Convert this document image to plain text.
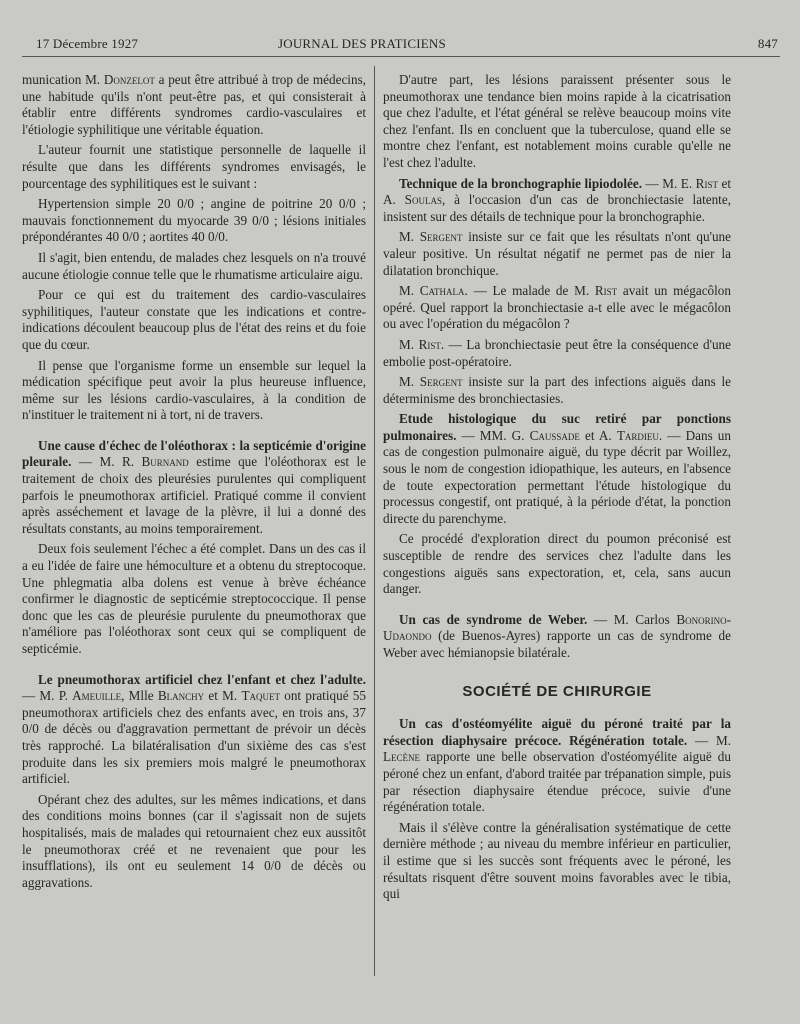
17 Décembre 1927	JOURNAL DES PRATICIENS	847

munication M. Donzelot a peut être attribué à trop de médecins, une habitude qu'ils n'ont peut-être pas, et qui consisterait à établir entre différents syndromes cardio-vasculaires et l'étiologie syphilitique une véritable équation.

L'auteur fournit une statistique personnelle de laquelle il résulte que dans les différents syndromes envisagés, le pourcentage des syphilitiques est le suivant :

Hypertension simple 20 0/0 ; angine de poitrine 20 0/0 ; mauvais fonctionnement du myocarde 39 0/0 ; lésions initiales prépondérantes 40 0/0 ; aortites 40 0/0.

Il s'agit, bien entendu, de malades chez lesquels on n'a trouvé aucune étiologie connue telle que le rhumatisme articulaire aigu.

Pour ce qui est du traitement des cardio-vasculaires syphilitiques, l'auteur constate que les indications et contre-indications découlent beaucoup plus de l'état des reins et du foie que du cœur.

Il pense que l'organisme forme un ensemble sur lequel la médication spécifique peut avoir la plus heureuse influence, même sur les lésions cardio-vasculaires, à la condition de n'instituer le traitement ni à tort, ni de travers.

Une cause d'échec de l'oléothorax : la septicémie d'origine pleurale. — M. R. Burnand estime que l'oléothorax est le traitement de choix des pleurésies purulentes qui compliquent parfois le pneumothorax artificiel. Pratiqué comme il convient après asséchement et lavage de la plèvre, il lui a donné des résultats constants, au moins temporairement.

Deux fois seulement l'échec a été complet. Dans un des cas il a eu l'idée de faire une hémoculture et a obtenu du streptocoque. Une phlegmatia alba dolens est venue à brève échéance confirmer le diagnostic de septicémie streptococcique. Il pense donc que les cas de pleurésie purulente du pneumothorax que n'améliore pas l'oléothorax sont ceux qui se compliquent de septicémie.

Le pneumothorax artificiel chez l'enfant et chez l'adulte. — M. P. Ameuille, Mlle Blanchy et M. Taquet ont pratiqué 55 pneumothorax artificiels chez des enfants avec, en trois ans, 37 0/0 de décès ou d'aggravation permettant de prévoir un décès très rapproché. La bilatéralisation d'un sixième des cas s'est produite dans les six premiers mois malgré le pneumothorax artificiel.

Opérant chez des adultes, sur les mêmes indications, et dans des conditions moins bonnes (car il s'agissait non de sujets hospitalisés, mais de malades qui retournaient chez eux aussitôt le pneumothorax créé et ne revenaient que pour les insufflations), ils ont eu seulement 14 0/0 de décès ou aggravations.

D'autre part, les lésions paraissent présenter sous le pneumothorax une tendance bien moins rapide à la cicatrisation que chez l'adulte, et l'état général se relève beaucoup moins vite chez l'enfant. Ils en concluent que la tuberculose, quand elle se montre chez l'enfant, est notablement moins curable qu'elle ne l'est chez l'adulte.

Technique de la bronchographie lipiodolée. — M. E. Rist et A. Soulas, à l'occasion d'un cas de bronchiectasie latente, insistent sur des détails de technique pour la bronchographie.

M. Sergent insiste sur ce fait que les résultats n'ont qu'une valeur positive. Un résultat négatif ne permet pas de nier la dilatation bronchique.

M. Cathala. — Le malade de M. Rist avait un mégacôlon opéré. Quel rapport la bronchiectasie a-t elle avec le mégacôlon ou avec l'opération du mégacôlon ?

M. Rist. — La bronchiectasie peut être la conséquence d'une embolie post-opératoire.

M. Sergent insiste sur la part des infections aiguës dans le déterminisme des bronchiectasies.

Etude histologique du suc retiré par ponctions pulmonaires. — MM. G. Caussade et A. Tardieu. — Dans un cas de congestion pulmonaire aiguë, du type décrit par Woillez, sous le nom de congestion idiopathique, les auteurs, en l'absence de toute expectoration permettant l'étude histologique du processus congestif, ont pratiqué, à la période d'état, la ponction directe du parenchyme.

Ce procédé d'exploration direct du poumon préconisé est susceptible de rendre des services chez l'adulte dans les congestions aiguës sans expectoration, et, cela, sans aucun danger.

Un cas de syndrome de Weber. — M. Carlos Bonorino-Udaondo (de Buenos-Ayres) rapporte un cas de syndrome de Weber avec hémianopsie bilatérale.

SOCIÉTÉ DE CHIRURGIE

Un cas d'ostéomyélite aiguë du péroné traité par la résection diaphysaire précoce. Régénération totale. — M. Lecène rapporte une belle observation d'ostéomyélite aiguë du péroné chez un enfant, d'abord traitée par trépanation simple, puis par résection diaphysaire étendue précoce, suivie d'une régénération totale.

Mais il s'élève contre la généralisation systématique de cette dernière méthode ; au niveau du membre inférieur en particulier, il estime que si les succès sont fréquents avec le péroné, les résultats risquent d'être souvent moins favorables avec le tibia, qui
